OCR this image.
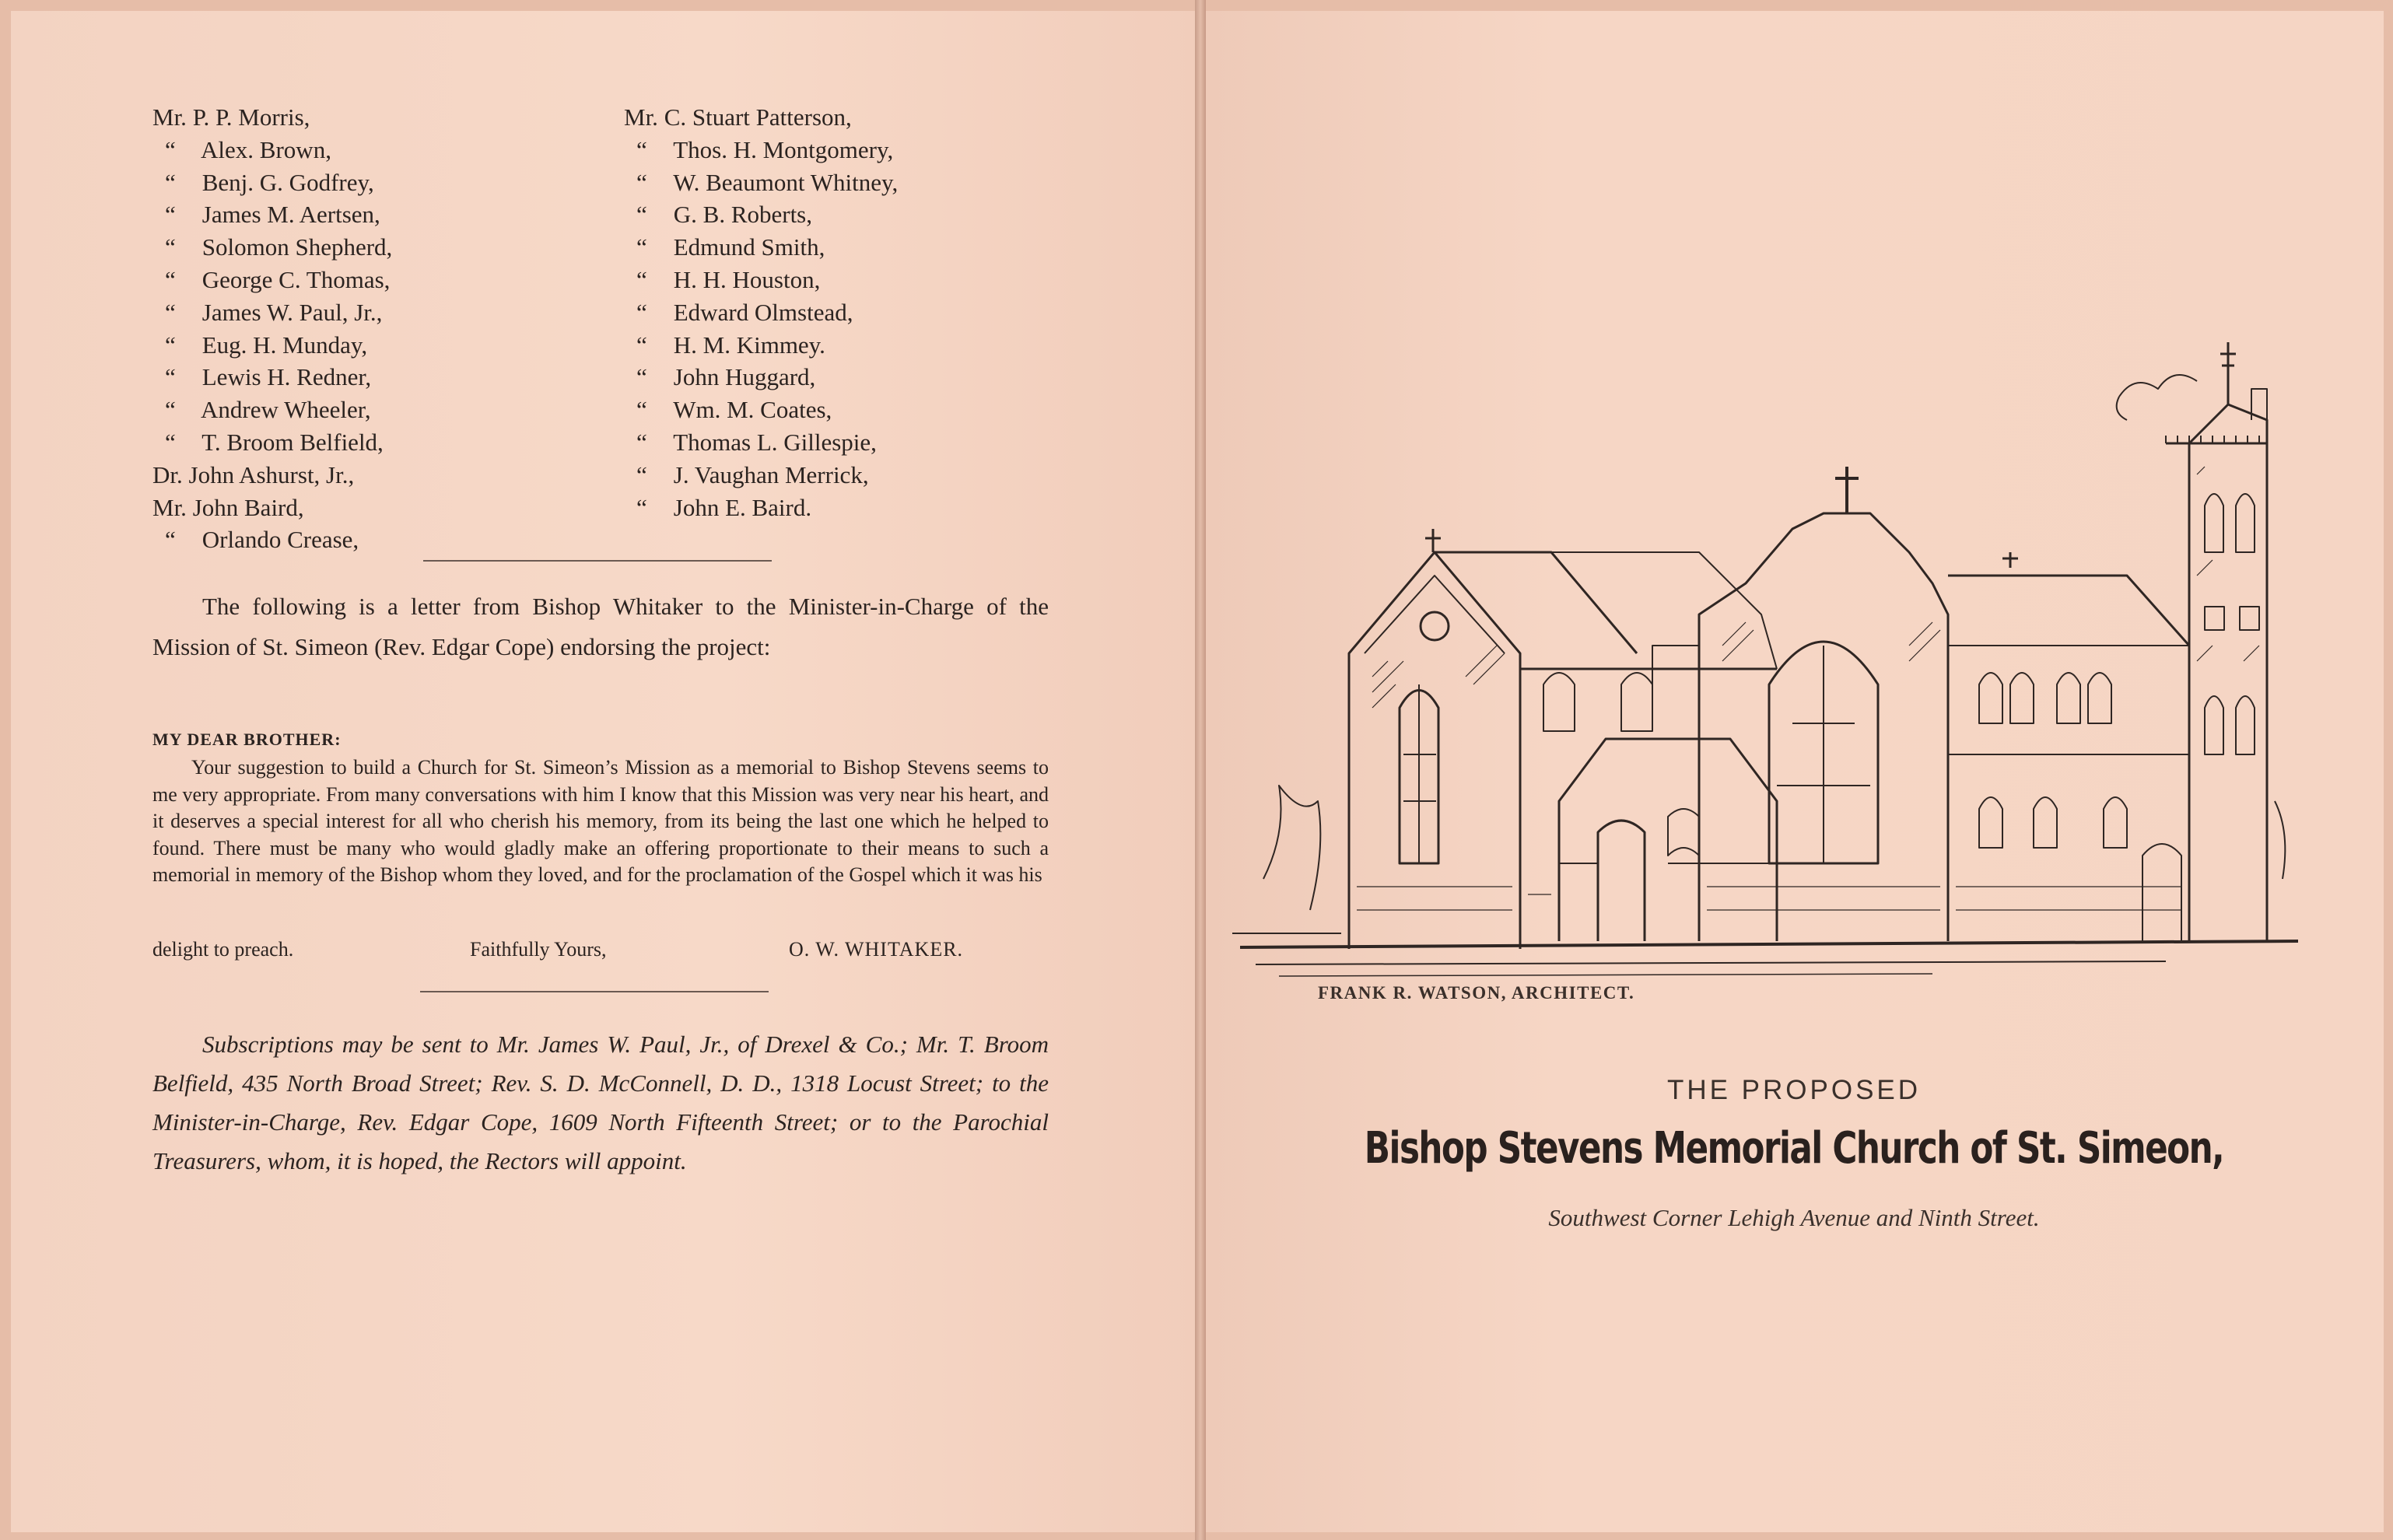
Mr. P. P. Morris,
“ Alex. Brown,
“ Benj. G. Godfrey,
“ James M. Aertsen,
“ Solomon Shepherd,
“ George C. Thomas,
“ James W. Paul, Jr.,
“ Eug. H. Munday,
“ Lewis H. Redner,
“ Andrew Wheeler,
“ T. Broom Belfield,
Dr. John Ashurst, Jr.,
Mr. John Baird,
“ Orlando Crease,
Mr. C. Stuart Patterson,
“ Thos. H. Montgomery,
“ W. Beaumont Whitney,
“ G. B. Roberts,
“ Edmund Smith,
“ H. H. Houston,
“ Edward Olmstead,
“ H. M. Kimmey.
“ John Huggard,
“ Wm. M. Coates,
“ Thomas L. Gillespie,
“ J. Vaughan Merrick,
“ John E. Baird.
The following is a letter from Bishop Whitaker to the Minister-in-Charge of the Mission of St. Simeon (Rev. Edgar Cope) endorsing the project:
MY DEAR BROTHER:
Your suggestion to build a Church for St. Simeon’s Mission as a memorial to Bishop Stevens seems to me very appropriate. From many conversations with him I know that this Mission was very near his heart, and it deserves a special interest for all who cherish his memory, from its being the last one which he helped to found. There must be many who would gladly make an offering proportionate to their means to such a memorial in memory of the Bishop whom they loved, and for the proclamation of the Gospel which it was his
delight to preach.	Faithfully Yours,	O. W. WHITAKER.
Subscriptions may be sent to Mr. James W. Paul, Jr., of Drexel & Co.; Mr. T. Broom Belfield, 435 North Broad Street; Rev. S. D. McConnell, D. D., 1318 Locust Street; to the Minister-in-Charge, Rev. Edgar Cope, 1609 North Fifteenth Street; or to the Parochial Treasurers, whom, it is hoped, the Rectors will appoint.
FRANK R. WATSON, ARCHITECT.
THE PROPOSED
Bishop Stevens Memorial Church of St. Simeon,
Southwest Corner Lehigh Avenue and Ninth Street.
